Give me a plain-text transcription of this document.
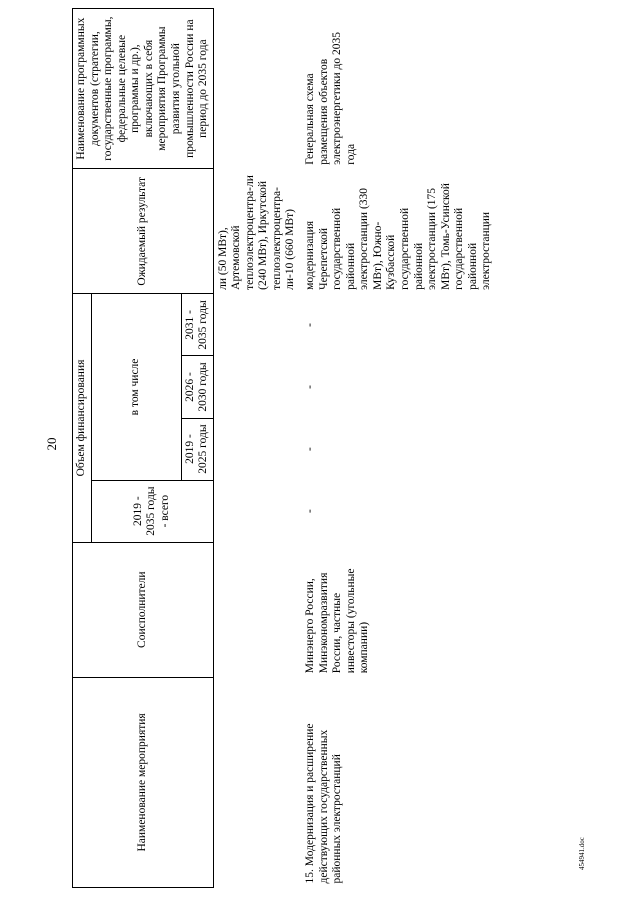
20
Наименование мероприятия	Соисполнители	Объем финансирования				Ожидаемый результат	Наименование программных документов (стратегии, государственные программы, федеральные целевые программы и др.), включающих в себя мероприятия Программы развития угольной промышленности России на период до 2035 года
		2019 - 2035 годы - всего	в том числе				
			2019 - 2025 годы	2026 - 2030 годы	2031 - 2035 годы		
						ли (50 МВт), Артемовской теплоэлектроцентра-ли (240 МВт), Иркутской теплоэлектроцентра-ли-10 (660 МВт)	
15. Модернизация и расширение действующих государственных районных электростанций	Минэнерго России, Минэкономразвития России, частные инвесторы (угольные компании)	-	-	-	-	модернизация Черепетской государственной районной электростанции (330 МВт), Южно-Кузбасской государственной районной электростанции (175 МВт), Томь-Усинской государственной районной электростанции	Генеральная схема размещения объектов электроэнергетики до 2035 года
454941.doc
